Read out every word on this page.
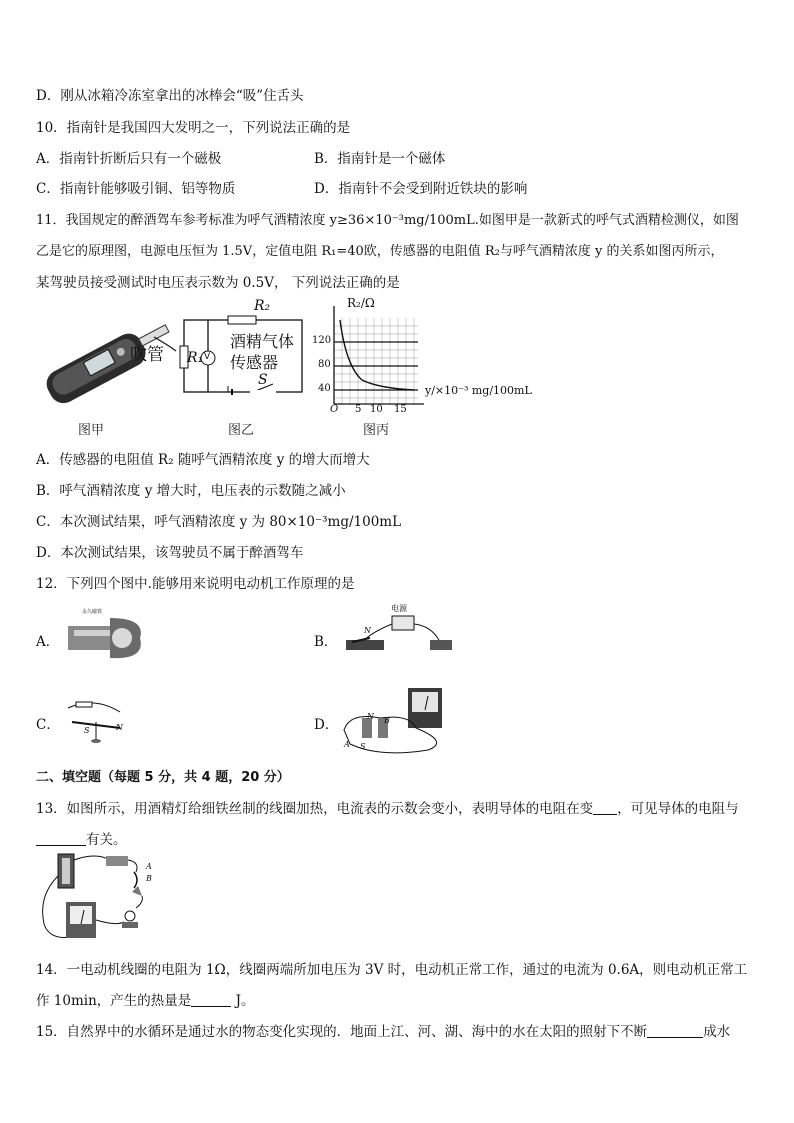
D．刚从冰箱冷冻室拿出的冰棒会“吸”住舌头
10．指南针是我国四大发明之一，下列说法正确的是
A．指南针折断后只有一个磁极	B．指南针是一个磁体
C．指南针能够吸引铜、铝等物质	D．指南针不会受到附近铁块的影响
11．我国规定的醉酒驾车参考标准为呼气酒精浓度 y≥36×10⁻³mg/100mL.如图甲是一款新式的呼气式酒精检测仪，如图
乙是它的原理图，电源电压恒为 1.5V，定值电阻 R₁=40欧，传感器的电阻值 R₂与呼气酒精浓度 y 的关系如图丙所示，
某驾驶员接受测试时电压表示数为 0.5V， 下列说法正确的是
吹管
图甲
R₂
R₁ V
酒精气体
传感器
S
图乙
R₂/Ω
120
80
40	y/×10⁻³ mg/100mL
O 5 10 15
图丙
A．传感器的电阻值 R₂ 随呼气酒精浓度 y 的增大而增大
B．呼气酒精浓度 y 增大时，电压表的示数随之减小
C．本次测试结果，呼气酒精浓度 y 为 80×10⁻³mg/100mL
D．本次测试结果，该驾驶员不属于醉酒驾车
12．下列四个图中.能够用来说明电动机工作原理的是
A．
永久磁铁
B．
电源
N
C．	S	N	D．
N B
A S
二、填空题（每题 5 分，共 4 题，20 分）
13．如图所示，用酒精灯给细铁丝制的线圈加热，电流表的示数会变小，表明导体的电阻在变 ，可见导体的电阻与
有关。
A
B
14．一电动机线圈的电阻为 1Ω，线圈两端所加电压为 3V 时，电动机正常工作，通过的电流为 0.6A，则电动机正常工
作 10min，产生的热量是	J。
15．自然界中的水循环是通过水的物态变化实现的．地面上江、河、湖、海中的水在太阳的照射下不断	成水
